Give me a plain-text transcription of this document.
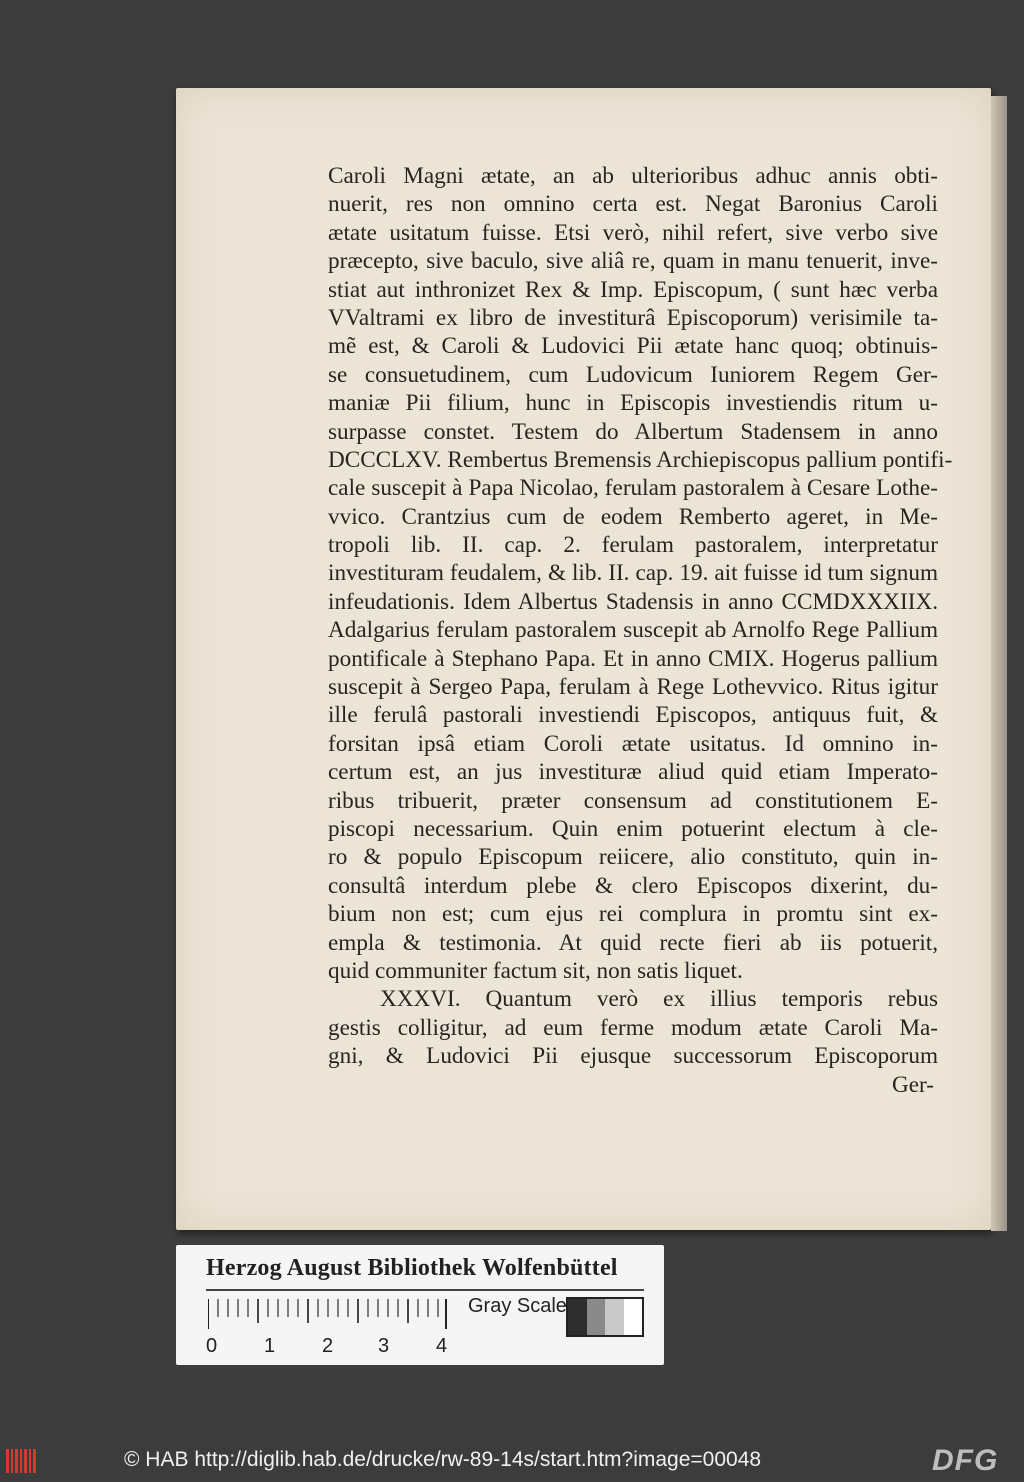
Caroli Magni ætate, an ab ulterioribus adhuc annis obti-
nuerit, res non omnino certa est. Negat Baronius Caroli
ætate usitatum fuisse. Etsi verò, nihil refert, sive verbo sive
præcepto, sive baculo, sive aliâ re, quam in manu tenuerit, inve-
stiat aut inthronizet Rex & Imp. Episcopum, ( sunt hæc verba
VValtrami ex libro de investiturâ Episcoporum) verisimile ta-
mẽ est, & Caroli & Ludovici Pii ætate hanc quoq; obtinuis-
se consuetudinem, cum Ludovicum Iuniorem Regem Ger-
maniæ Pii filium, hunc in Episcopis investiendis ritum u-
surpasse constet. Testem do Albertum Stadensem in anno
DCCCLXV. Rembertus Bremensis Archiepiscopus pallium pontifi-
cale suscepit à Papa Nicolao, ferulam pastoralem à Cesare Lothe-
vvico. Crantzius cum de eodem Remberto ageret, in Me-
tropoli lib. II. cap. 2. ferulam pastoralem, interpretatur
investituram feudalem, & lib. II. cap. 19. ait fuisse id tum signum
infeudationis. Idem Albertus Stadensis in anno CCMDXXXIIX.
Adalgarius ferulam pastoralem suscepit ab Arnolfo Rege Pallium
pontificale à Stephano Papa. Et in anno CMIX. Hogerus pallium
suscepit à Sergeo Papa, ferulam à Rege Lothevvico. Ritus igitur
ille ferulâ pastorali investiendi Episcopos, antiquus fuit, &
forsitan ipsâ etiam Coroli ætate usitatus. Id omnino in-
certum est, an jus investituræ aliud quid etiam Imperato-
ribus tribuerit, præter consensum ad constitutionem E-
piscopi necessarium. Quin enim potuerint electum à cle-
ro & populo Episcopum reiicere, alio constituto, quin in-
consultâ interdum plebe & clero Episcopos dixerint, du-
bium non est; cum ejus rei complura in promtu sint ex-
empla & testimonia. At quid recte fieri ab iis potuerit,
quid communiter factum sit, non satis liquet.
XXXVI. Quantum verò ex illius temporis rebus
gestis colligitur, ad eum ferme modum ætate Caroli Ma-
gni, & Ludovici Pii ejusque successorum Episcoporum
Ger-
Herzog August Bibliothek Wolfenbüttel
0 1 2 3 4
Gray Scale
© HAB http://diglib.hab.de/drucke/rw-89-14s/start.htm?image=00048	DFG
